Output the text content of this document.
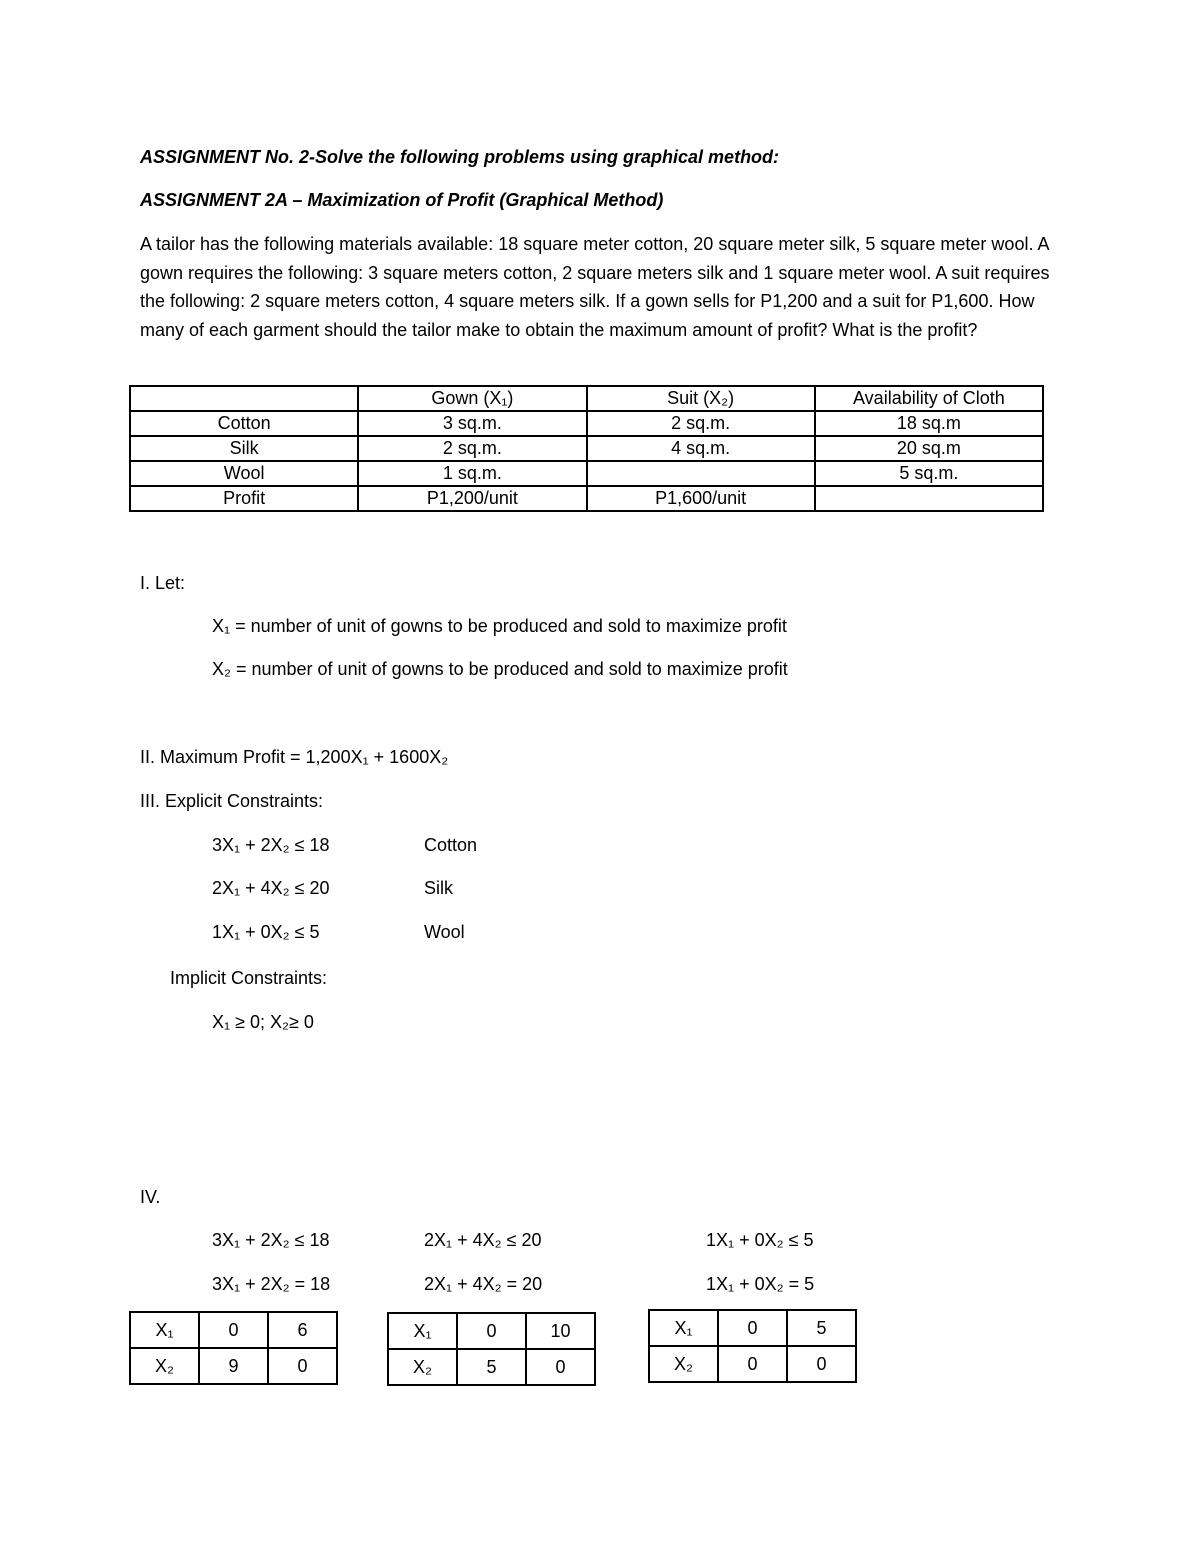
ASSIGNMENT No. 2-Solve the following problems using graphical method:
ASSIGNMENT 2A – Maximization of Profit (Graphical Method)
A tailor has the following materials available: 18 square meter cotton, 20 square meter silk, 5 square meter wool. A gown requires the following: 3 square meters cotton, 2 square meters silk and 1 square meter wool. A suit requires the following: 2 square meters cotton, 4 square meters silk. If a gown sells for P1,200 and a suit for P1,600. How many of each garment should the tailor make to obtain the maximum amount of profit? What is the profit?
	Gown (X₁)	Suit (X₂)	Availability of Cloth
Cotton	3 sq.m.	2 sq.m.	18 sq.m
Silk	2 sq.m.	4 sq.m.	20 sq.m
Wool	1 sq.m.		5 sq.m.
Profit	P1,200/unit	P1,600/unit	
I. Let:
X₁ = number of unit of gowns to be produced and sold to maximize profit
X₂ = number of unit of gowns to be produced and sold to maximize profit
II. Maximum Profit = 1,200X₁ + 1600X₂
III. Explicit Constraints:
3X₁ + 2X₂ ≤ 18	Cotton
2X₁ + 4X₂ ≤ 20	Silk
1X₁ + 0X₂ ≤ 5	Wool
Implicit Constraints:
X₁ ≥ 0; X₂≥ 0
IV.
3X₁ + 2X₂ ≤ 18
3X₁ + 2X₂ = 18
X₁	0	6
X₂	9	0
2X₁ + 4X₂ ≤ 20
2X₁ + 4X₂ = 20
X₁	0	10
X₂	5	0
1X₁ + 0X₂ ≤ 5
1X₁ + 0X₂ = 5
X₁	0	5
X₂	0	0
